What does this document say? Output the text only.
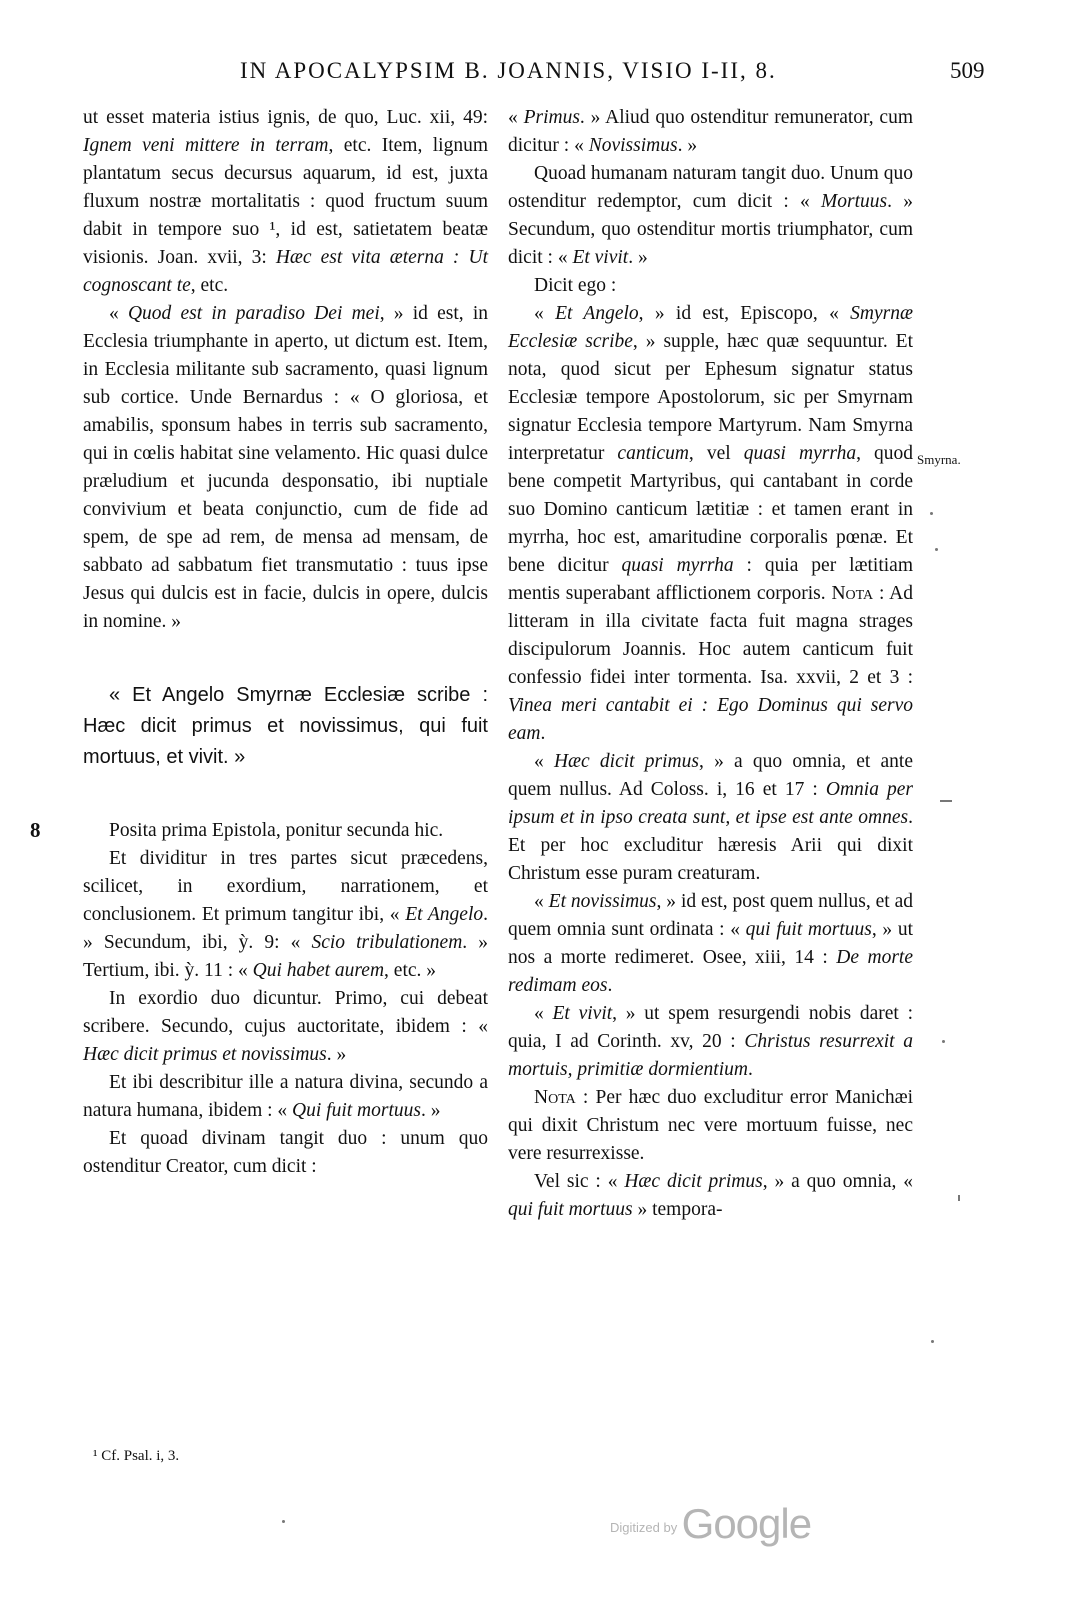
IN APOCALYPSIM B. JOANNIS, VISIO I-II, 8.	509
8
Smyrna.

ut esset materia istius ignis, de quo, Luc. xii, 49: Ignem veni mittere in terram, etc. Item, lignum plantatum secus decursus aquarum, id est, juxta fluxum nostræ mortalitatis : quod fructum suum dabit in tempore suo ¹, id est, satietatem beatæ visionis. Joan. xvii, 3: Hæc est vita æterna : Ut cognoscant te, etc.

« Quod est in paradiso Dei mei, » id est, in Ecclesia triumphante in aperto, ut dictum est. Item, in Ecclesia militante sub sacramento, quasi lignum sub cortice. Unde Bernardus : « O gloriosa, et amabilis, sponsum habes in terris sub sacramento, qui in cœlis habitat sine velamento. Hic quasi dulce præludium et jucunda desponsatio, ibi nuptiale convivium et beata conjunctio, cum de fide ad spem, de spe ad rem, de mensa ad mensam, de sabbato ad sabbatum fiet transmutatio : tuus ipse Jesus qui dulcis est in facie, dulcis in opere, dulcis in nomine. »

« Et Angelo Smyrnæ Ecclesiæ scribe : Hæc dicit primus et novissimus, qui fuit mortuus, et vivit. »

Posita prima Epistola, ponitur secunda hic.

Et dividitur in tres partes sicut præcedens, scilicet, in exordium, narrationem, et conclusionem. Et primum tangitur ibi, « Et Angelo. » Secundum, ibi, ỳ. 9: « Scio tribulationem. » Tertium, ibi. ỳ. 11 : « Qui habet aurem, etc. »

In exordio duo dicuntur. Primo, cui debeat scribere. Secundo, cujus auctoritate, ibidem : « Hæc dicit primus et novissimus. »

Et ibi describitur ille a natura divina, secundo a natura humana, ibidem : « Qui fuit mortuus. »

Et quoad divinam tangit duo : unum quo ostenditur Creator, cum dicit :

« Primus. » Aliud quo ostenditur remunerator, cum dicitur : « Novissimus. »

Quoad humanam naturam tangit duo. Unum quo ostenditur redemptor, cum dicit : « Mortuus. » Secundum, quo ostenditur mortis triumphator, cum dicit : « Et vivit. »

Dicit ego :

« Et Angelo, » id est, Episcopo, « Smyrnæ Ecclesiæ scribe, » supple, hæc quæ sequuntur. Et nota, quod sicut per Ephesum signatur status Ecclesiæ tempore Apostolorum, sic per Smyrnam signatur Ecclesia tempore Martyrum. Nam Smyrna interpretatur canticum, vel quasi myrrha, quod bene competit Martyribus, qui cantabant in corde suo Domino canticum lætitiæ : et tamen erant in myrrha, hoc est, amaritudine corporalis pœnæ. Et bene dicitur quasi myrrha : quia per lætitiam mentis superabant afflictionem corporis. Nota : Ad litteram in illa civitate facta fuit magna strages discipulorum Joannis. Hoc autem canticum fuit confessio fidei inter tormenta. Isa. xxvii, 2 et 3 : Vinea meri cantabit ei : Ego Dominus qui servo eam.

« Hæc dicit primus, » a quo omnia, et ante quem nullus. Ad Coloss. i, 16 et 17 : Omnia per ipsum et in ipso creata sunt, et ipse est ante omnes. Et per hoc excluditur hæresis Arii qui dixit Christum esse puram creaturam.

« Et novissimus, » id est, post quem nullus, et ad quem omnia sunt ordinata : « qui fuit mortuus, » ut nos a morte redimeret. Osee, xiii, 14 : De morte redimam eos.

« Et vivit, » ut spem resurgendi nobis daret : quia, I ad Corinth. xv, 20 : Christus resurrexit a mortuis, primitiæ dormientium.

Nota : Per hæc duo excluditur error Manichæi qui dixit Christum nec vere mortuum fuisse, nec vere resurrexisse.

Vel sic : « Hæc dicit primus, » a quo omnia, « qui fuit mortuus » tempora-

¹ Cf. Psal. i, 3.
$^{Digitized by}$ Google
